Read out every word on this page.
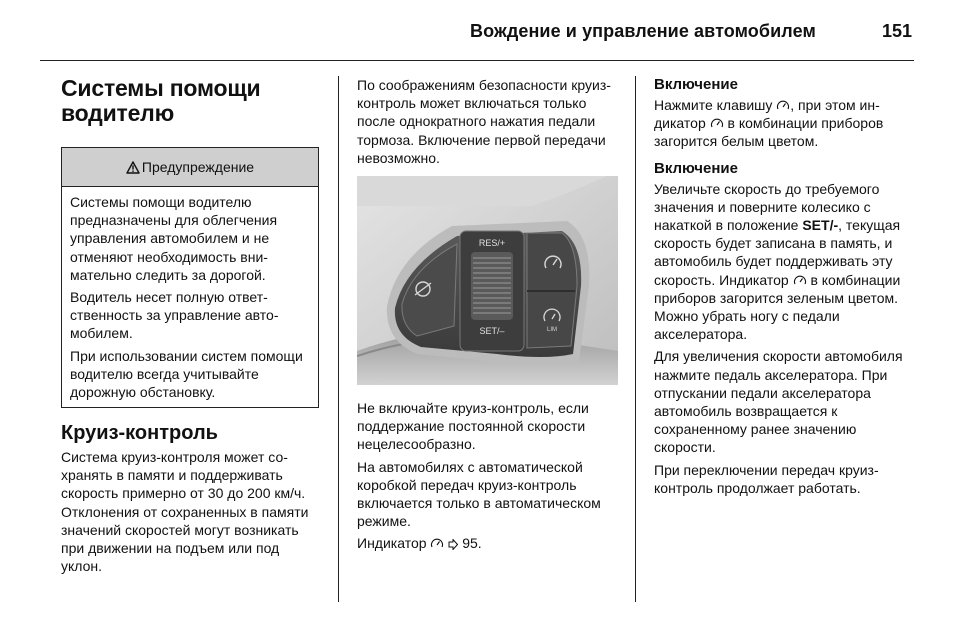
Вождение и управление автомобилем	151
Системы помощи водителю
Предупреждение

Системы помощи водителю предназначены для облегчения управления автомобилем и не отменяют необходимость внимательно следить за дорогой.

Водитель несет полную ответственность за управление автомобилем.

При использовании систем помощи водителю всегда учитывайте дорожную обстановку.

Круиз-контроль

Система круиз-контроля может сохранять в памяти и поддерживать скорость примерно от 30 до 200 км/ч. Отклонения от сохраненных в памяти значений скоростей могут возникать при движении на подъем или под уклон.

По соображениям безопасности круиз-контроль может включаться только после однократного нажатия педали тормоза. Включение первой передачи невозможно.

RES/+
SET/–	LIM

Не включайте круиз-контроль, если поддержание постоянной скорости нецелесообразно.

На автомобилях с автоматической коробкой передач круиз-контроль включается только в автоматическом режиме.

Индикатор	95.

Включение

Нажмите клавишу , при этом индикатор в комбинации приборов загорится белым цветом.

Включение

Увеличьте скорость до требуемого значения и поверните колесико с накаткой в положение SET/-, текущая скорость будет записана в память, и автомобиль будет поддерживать эту скорость. Индикатор в комбинации приборов загорится зеленым цветом. Можно убрать ногу с педали акселератора.

Для увеличения скорости автомобиля нажмите педаль акселератора. При отпускании педали акселератора автомобиль возвращается к сохраненному ранее значению скорости.

При переключении передач круиз-контроль продолжает работать.
